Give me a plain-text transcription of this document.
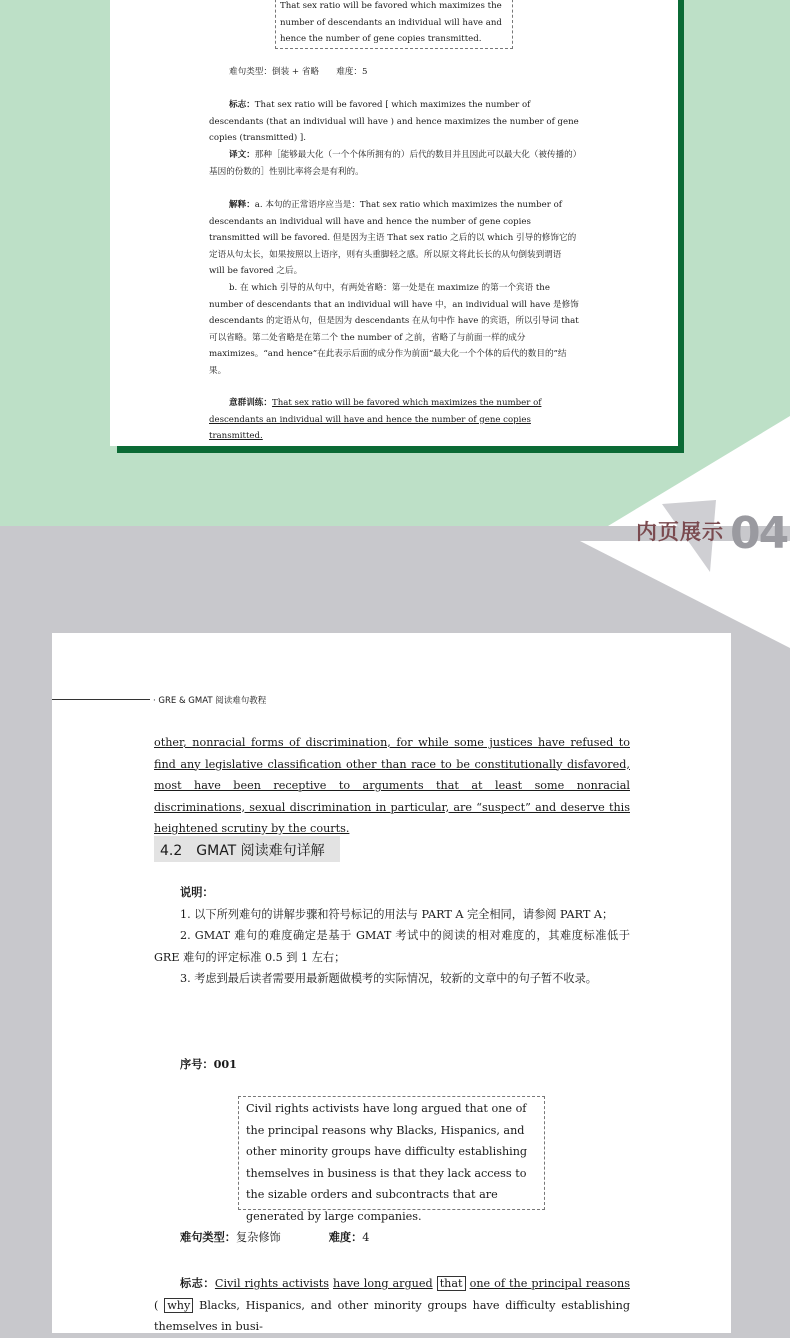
That sex ratio will be favored which maximizes the number of descendants an individual will have and hence the number of gene copies transmitted.
难句类型：倒装 + 省略　　难度：5
标志：That sex ratio will be favored [ which maximizes the number of descendants (that an individual will have ) and hence maximizes the number of gene copies (transmitted) ].
译文：那种［能够最大化（一个个体所拥有的）后代的数目并且因此可以最大化（被传播的）基因的份数的］性别比率将会是有利的。
解释：a. 本句的正常语序应当是：That sex ratio which maximizes the number of descendants an individual will have and hence the number of gene copies transmitted will be favored. 但是因为主语 That sex ratio 之后的以 which 引导的修饰它的定语从句太长，如果按照以上语序，则有头重脚轻之感。所以原文将此长长的从句倒装到谓语 will be favored 之后。
b. 在 which 引导的从句中，有两处省略：第一处是在 maximize 的第一个宾语 the number of descendants that an individual will have 中，an individual will have 是修饰 descendants 的定语从句，但是因为 descendants 在从句中作 have 的宾语，所以引导词 that 可以省略。第二处省略是在第二个 the number of 之前，省略了与前面一样的成分 maximizes。“and hence”在此表示后面的成分作为前面“最大化一个个体的后代的数目的”结果。
意群训练：That sex ratio will be favored which maximizes the number of descendants an individual will have and hence the number of gene copies transmitted.
内页展示 04
· GRE & GMAT 阅读难句教程
other, nonracial forms of discrimination, for while some justices have refused to find any legislative classification other than race to be constitutionally disfavored, most have been receptive to arguments that at least some nonracial discriminations, sexual discrimination in particular, are “suspect” and deserve this heightened scrutiny by the courts.
4.2　GMAT 阅读难句详解
说明：
1. 以下所列难句的讲解步骤和符号标记的用法与 PART A 完全相同，请参阅 PART A；
2. GMAT 难句的难度确定是基于 GMAT 考试中的阅读的相对难度的，其难度标准低于 GRE 难句的评定标准 0.5 到 1 左右；
3. 考虑到最后读者需要用最新题做模考的实际情况，较新的文章中的句子暂不收录。
序号：001
Civil rights activists have long argued that one of the principal reasons why Blacks, Hispanics, and other minority groups have difficulty establishing themselves in business is that they lack access to the sizable orders and subcontracts that are generated by large companies.
难句类型：复杂修饰	难度：4
标志：Civil rights activists have long argued that one of the principal reasons ( why Blacks, Hispanics, and other minority groups have difficulty establishing themselves in busi-
